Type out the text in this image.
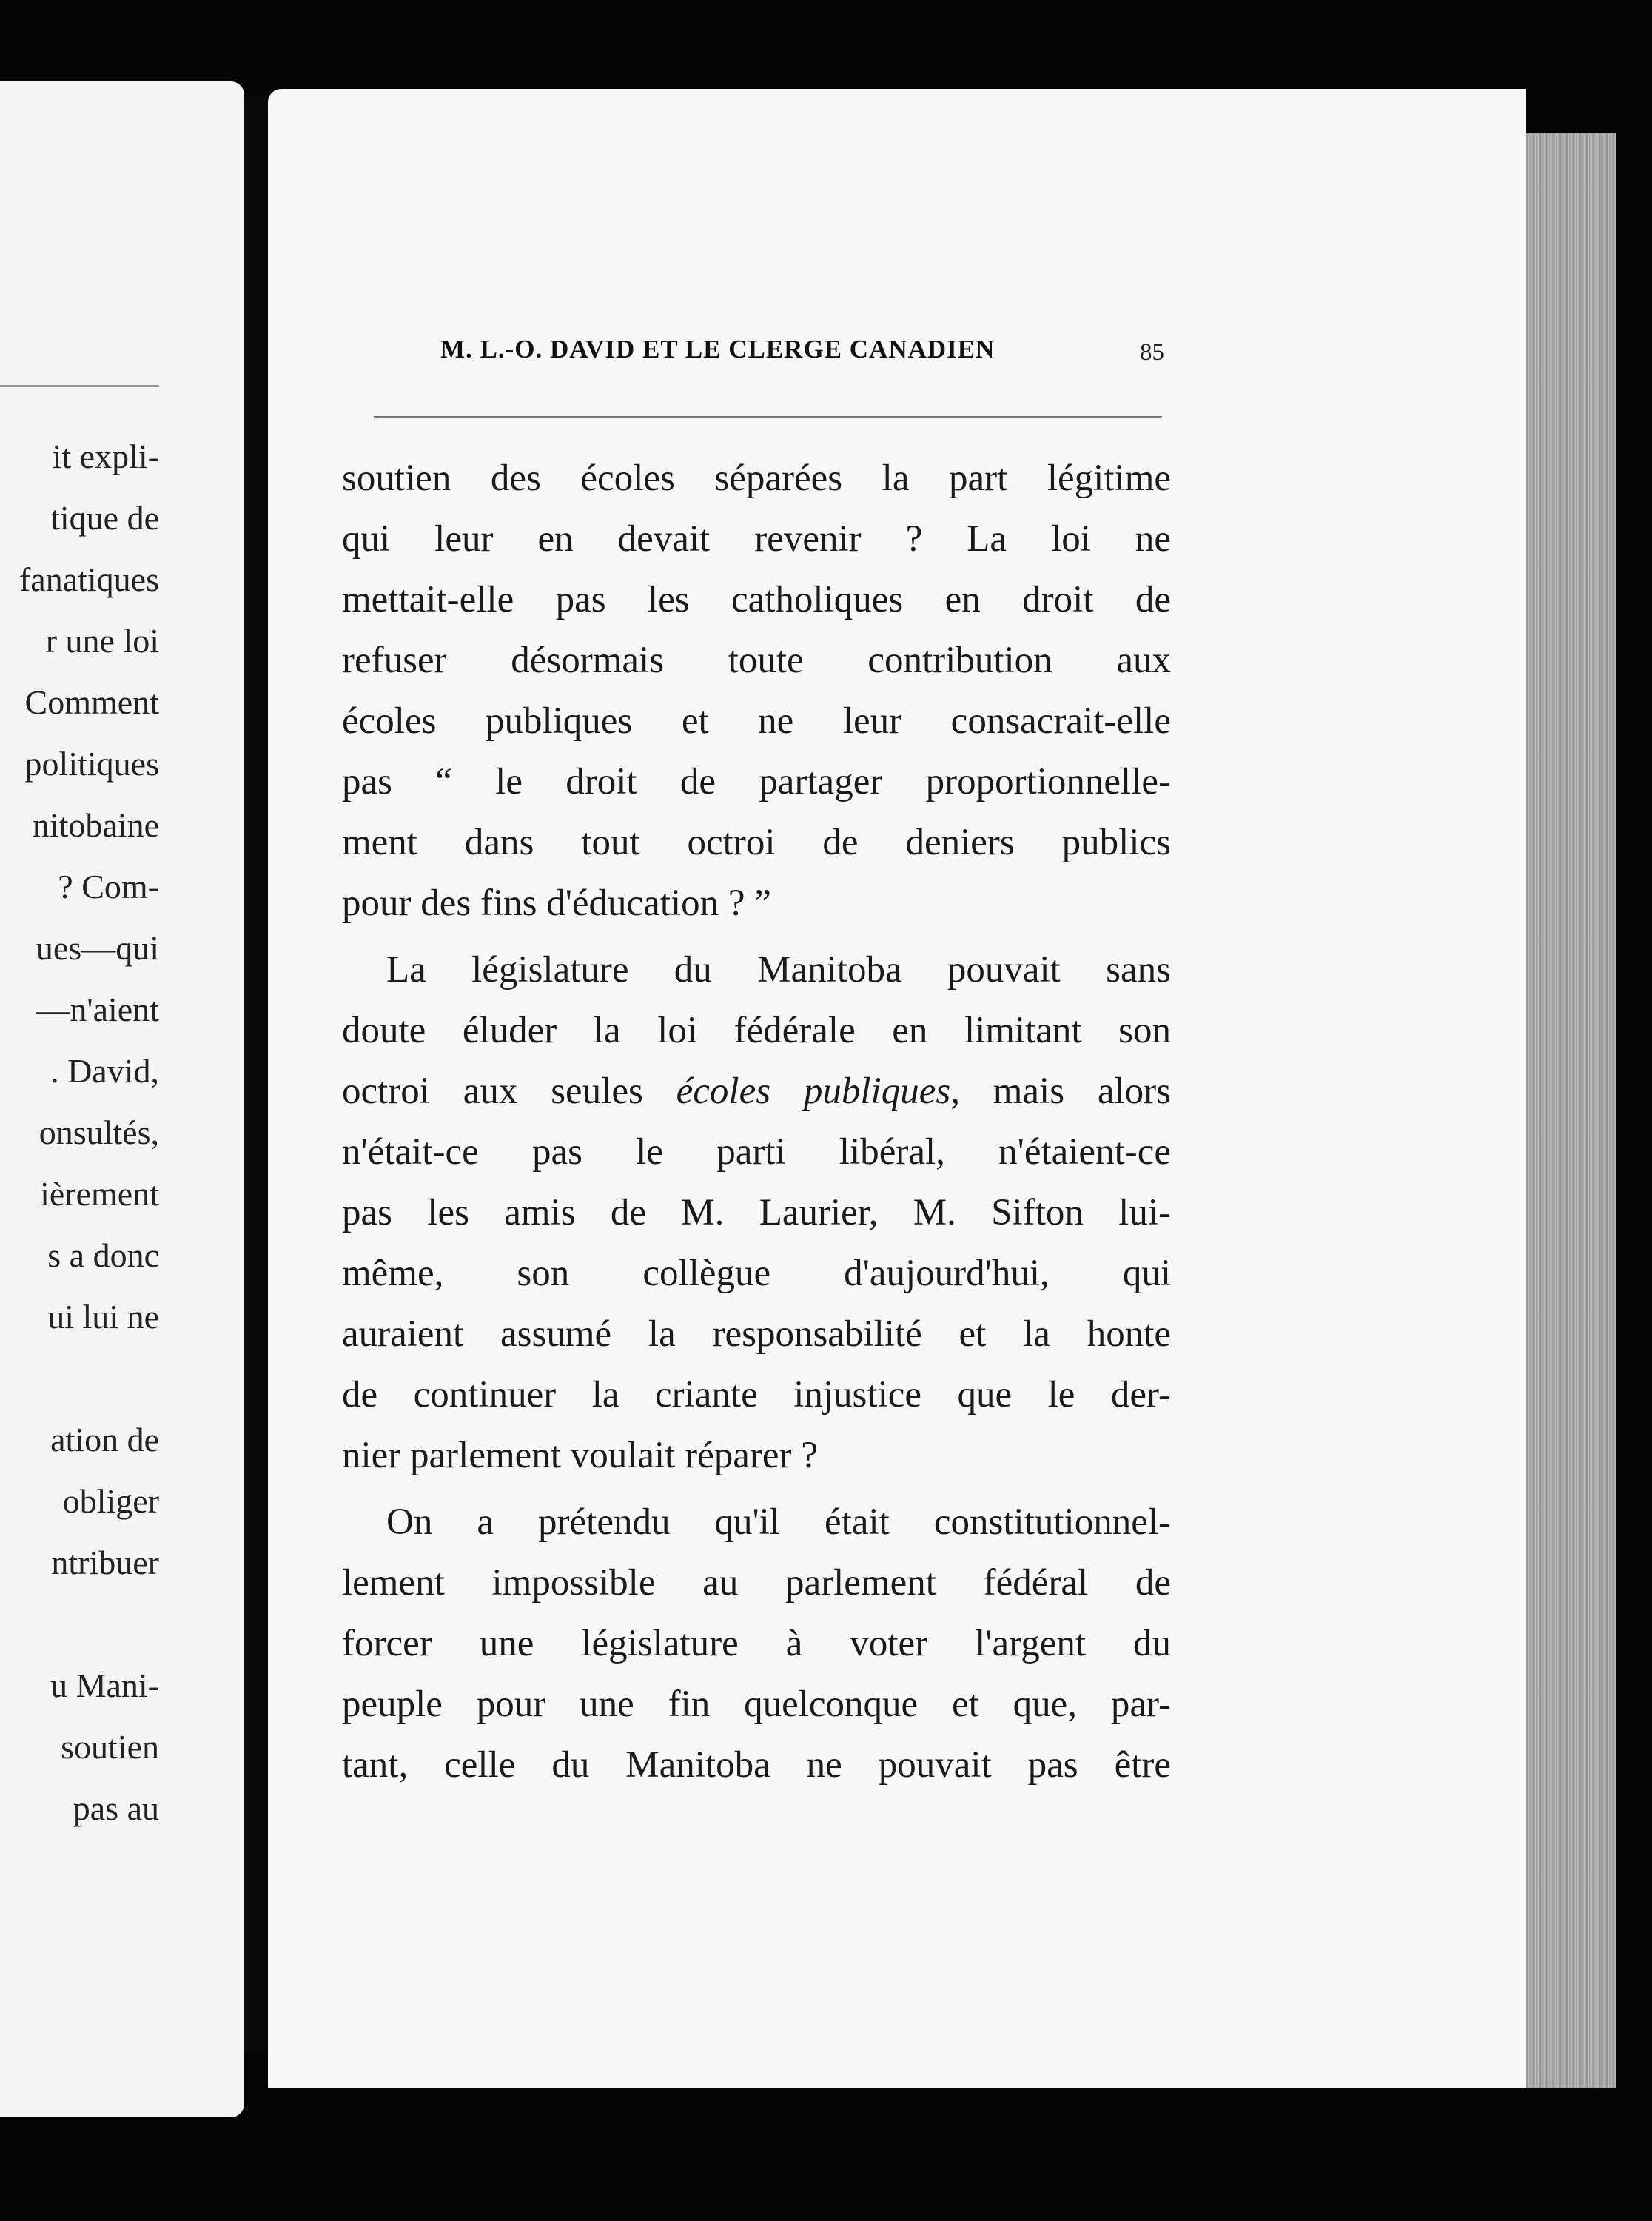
it expli-
tique de
fanatiques
r une loi
Comment
politiques
nitobaine
? Com-
ues—qui
—n'aient
. David,
onsultés,
ièrement
s a donc
ui lui ne
ation de
obliger
ntribuer
u Mani-
soutien
pas au
M. L.-O. DAVID ET LE CLERGE CANADIEN	85
soutien des écoles séparées la part légitime
qui leur en devait revenir ? La loi ne
mettait-elle pas les catholiques en droit de
refuser désormais toute contribution aux
écoles publiques et ne leur consacrait-elle
pas “ le droit de partager proportionnelle-
ment dans tout octroi de deniers publics
pour des fins d'éducation ? ”
La législature du Manitoba pouvait sans
doute éluder la loi fédérale en limitant son
octroi aux seules écoles publiques, mais alors
n'était-ce pas le parti libéral, n'étaient-ce
pas les amis de M. Laurier, M. Sifton lui-
même, son collègue d'aujourd'hui, qui
auraient assumé la responsabilité et la honte
de continuer la criante injustice que le der-
nier parlement voulait réparer ?
On a prétendu qu'il était constitutionnel-
lement impossible au parlement fédéral de
forcer une législature à voter l'argent du
peuple pour une fin quelconque et que, par-
tant, celle du Manitoba ne pouvait pas être
